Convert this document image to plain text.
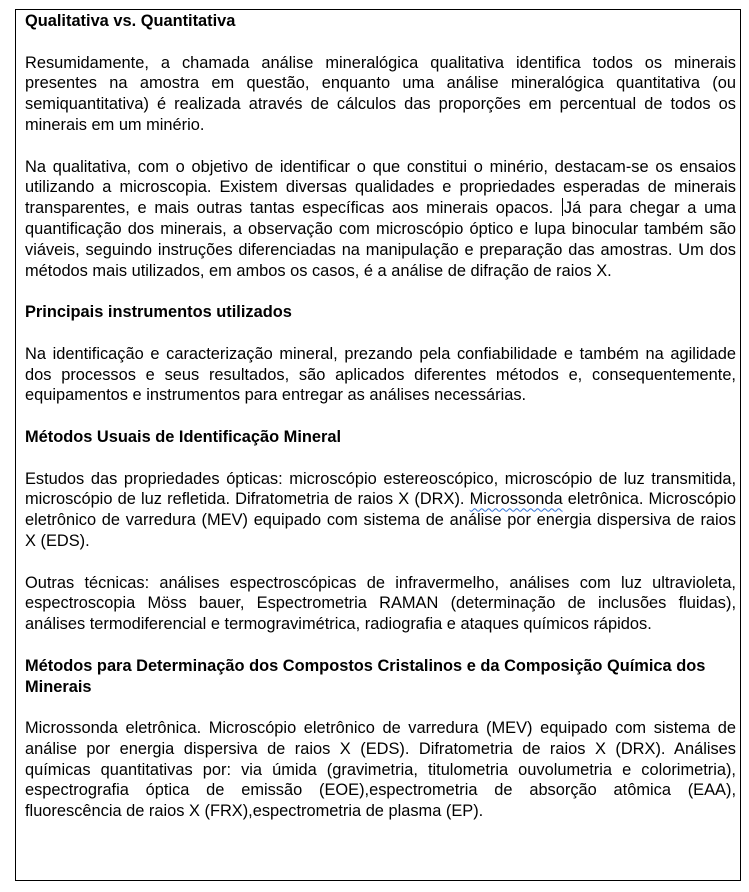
Qualitativa vs. Quantitativa

Resumidamente, a chamada análise mineralógica qualitativa identifica todos os minerais presentes na amostra em questão, enquanto uma análise mineralógica quantitativa (ou semiquantitativa) é realizada através de cálculos das proporções em percentual de todos os minerais em um minério.

Na qualitativa, com o objetivo de identificar o que constitui o minério, destacam-se os ensaios utilizando a microscopia. Existem diversas qualidades e propriedades esperadas de minerais transparentes, e mais outras tantas específicas aos minerais opacos. Já para chegar a uma quantificação dos minerais, a observação com microscópio óptico e lupa binocular também são viáveis, seguindo instruções diferenciadas na manipulação e preparação das amostras. Um dos métodos mais utilizados, em ambos os casos, é a análise de difração de raios X.

Principais instrumentos utilizados

Na identificação e caracterização mineral, prezando pela confiabilidade e também na agilidade dos processos e seus resultados, são aplicados diferentes métodos e, consequentemente, equipamentos e instrumentos para entregar as análises necessárias.

Métodos Usuais de Identificação Mineral

Estudos das propriedades ópticas: microscópio estereoscópico, microscópio de luz transmitida, microscópio de luz refletida. Difratometria de raios X (DRX). Microssonda eletrônica. Microscópio eletrônico de varredura (MEV) equipado com sistema de análise por energia dispersiva de raios X (EDS).

Outras técnicas: análises espectroscópicas de infravermelho, análises com luz ultravioleta, espectroscopia Möss bauer, Espectrometria RAMAN (determinação de inclusões fluidas), análises termodiferencial e termogravimétrica, radiografia e ataques químicos rápidos.

Métodos para Determinação dos Compostos Cristalinos e da Composição Química dos Minerais

Microssonda eletrônica. Microscópio eletrônico de varredura (MEV) equipado com sistema de análise por energia dispersiva de raios X (EDS). Difratometria de raios X (DRX). Análises químicas quantitativas por: via úmida (gravimetria, titulometria ouvolumetria e colorimetria), espectrografia óptica de emissão (EOE),espectrometria de absorção atômica (EAA), fluorescência de raios X (FRX),espectrometria de plasma (EP).
